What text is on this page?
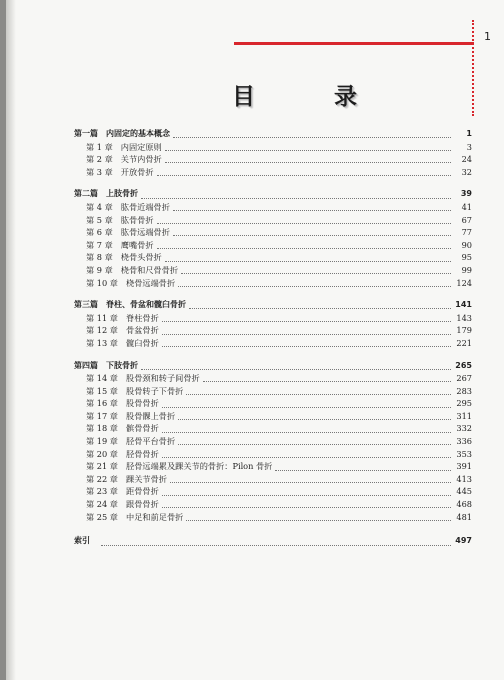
1
目　录
第一篇 内固定的基本概念	1
第 1 章 内固定原则	3
第 2 章 关节内骨折	24
第 3 章 开放骨折	32
第二篇 上肢骨折	39
第 4 章 肱骨近端骨折	41
第 5 章 肱骨骨折	67
第 6 章 肱骨远端骨折	77
第 7 章 鹰嘴骨折	90
第 8 章 桡骨头骨折	95
第 9 章 桡骨和尺骨骨折	99
第 10 章 桡骨远端骨折	124
第三篇 脊柱、骨盆和髋臼骨折	141
第 11 章 脊柱骨折	143
第 12 章 骨盆骨折	179
第 13 章 髋臼骨折	221
第四篇 下肢骨折	265
第 14 章 股骨颈和转子间骨折	267
第 15 章 股骨转子下骨折	283
第 16 章 股骨骨折	295
第 17 章 股骨髁上骨折	311
第 18 章 髌骨骨折	332
第 19 章 胫骨平台骨折	336
第 20 章 胫骨骨折	353
第 21 章 胫骨远端累及踝关节的骨折：Pilon 骨折	391
第 22 章 踝关节骨折	413
第 23 章 距骨骨折	445
第 24 章 跟骨骨折	468
第 25 章 中足和前足骨折	481
索引	497
